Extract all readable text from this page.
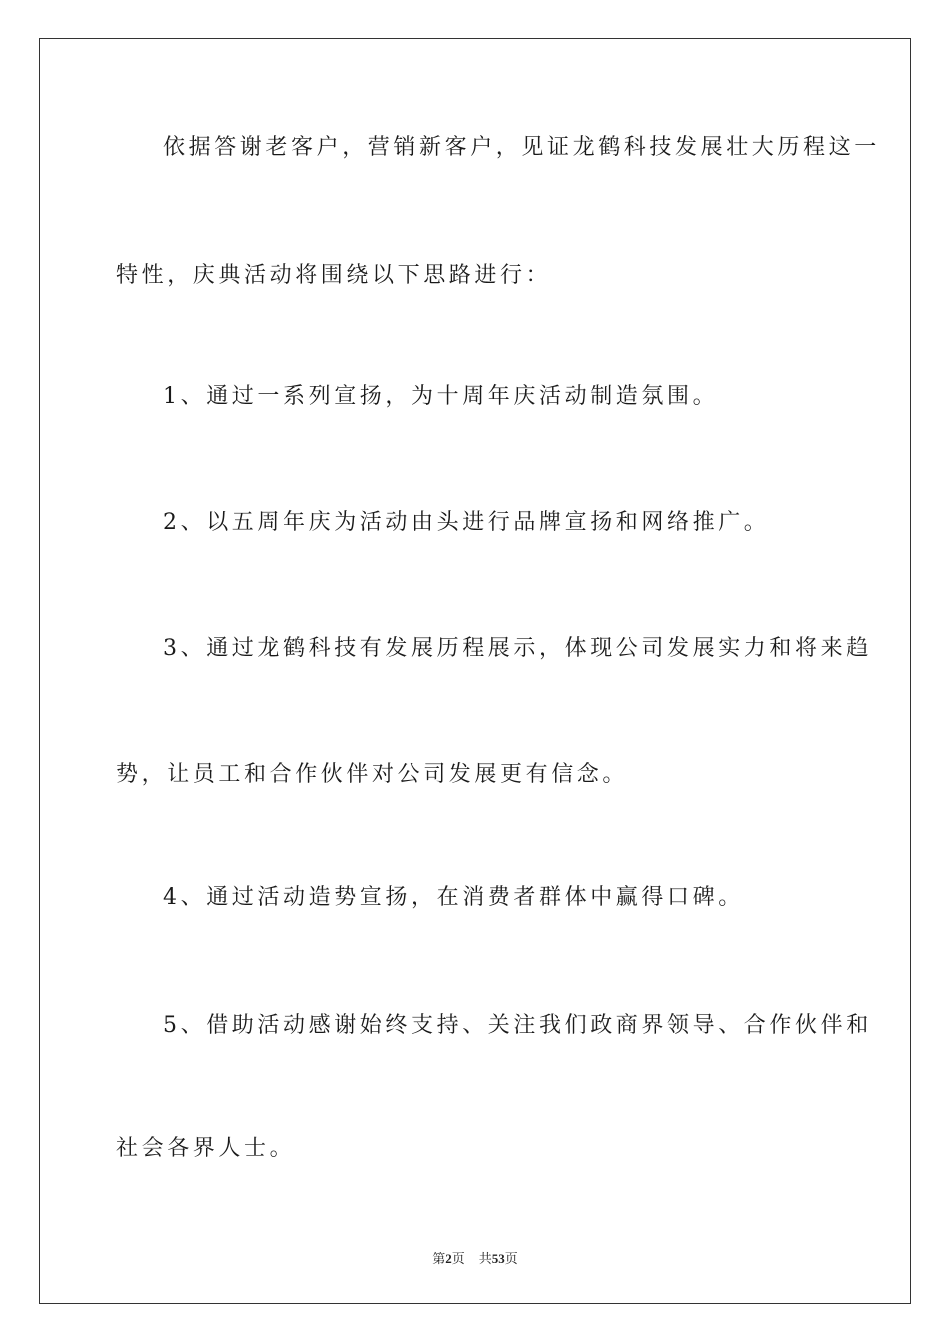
依据答谢老客户，营销新客户，见证龙鹤科技发展壮大历程这一
特性，庆典活动将围绕以下思路进行：
1、通过一系列宣扬，为十周年庆活动制造氛围。
2、以五周年庆为活动由头进行品牌宣扬和网络推广。
3、通过龙鹤科技有发展历程展示，体现公司发展实力和将来趋
势，让员工和合作伙伴对公司发展更有信念。
4、通过活动造势宣扬，在消费者群体中赢得口碑。
5、借助活动感谢始终支持、关注我们政商界领导、合作伙伴和
社会各界人士。
第2页 共53页
